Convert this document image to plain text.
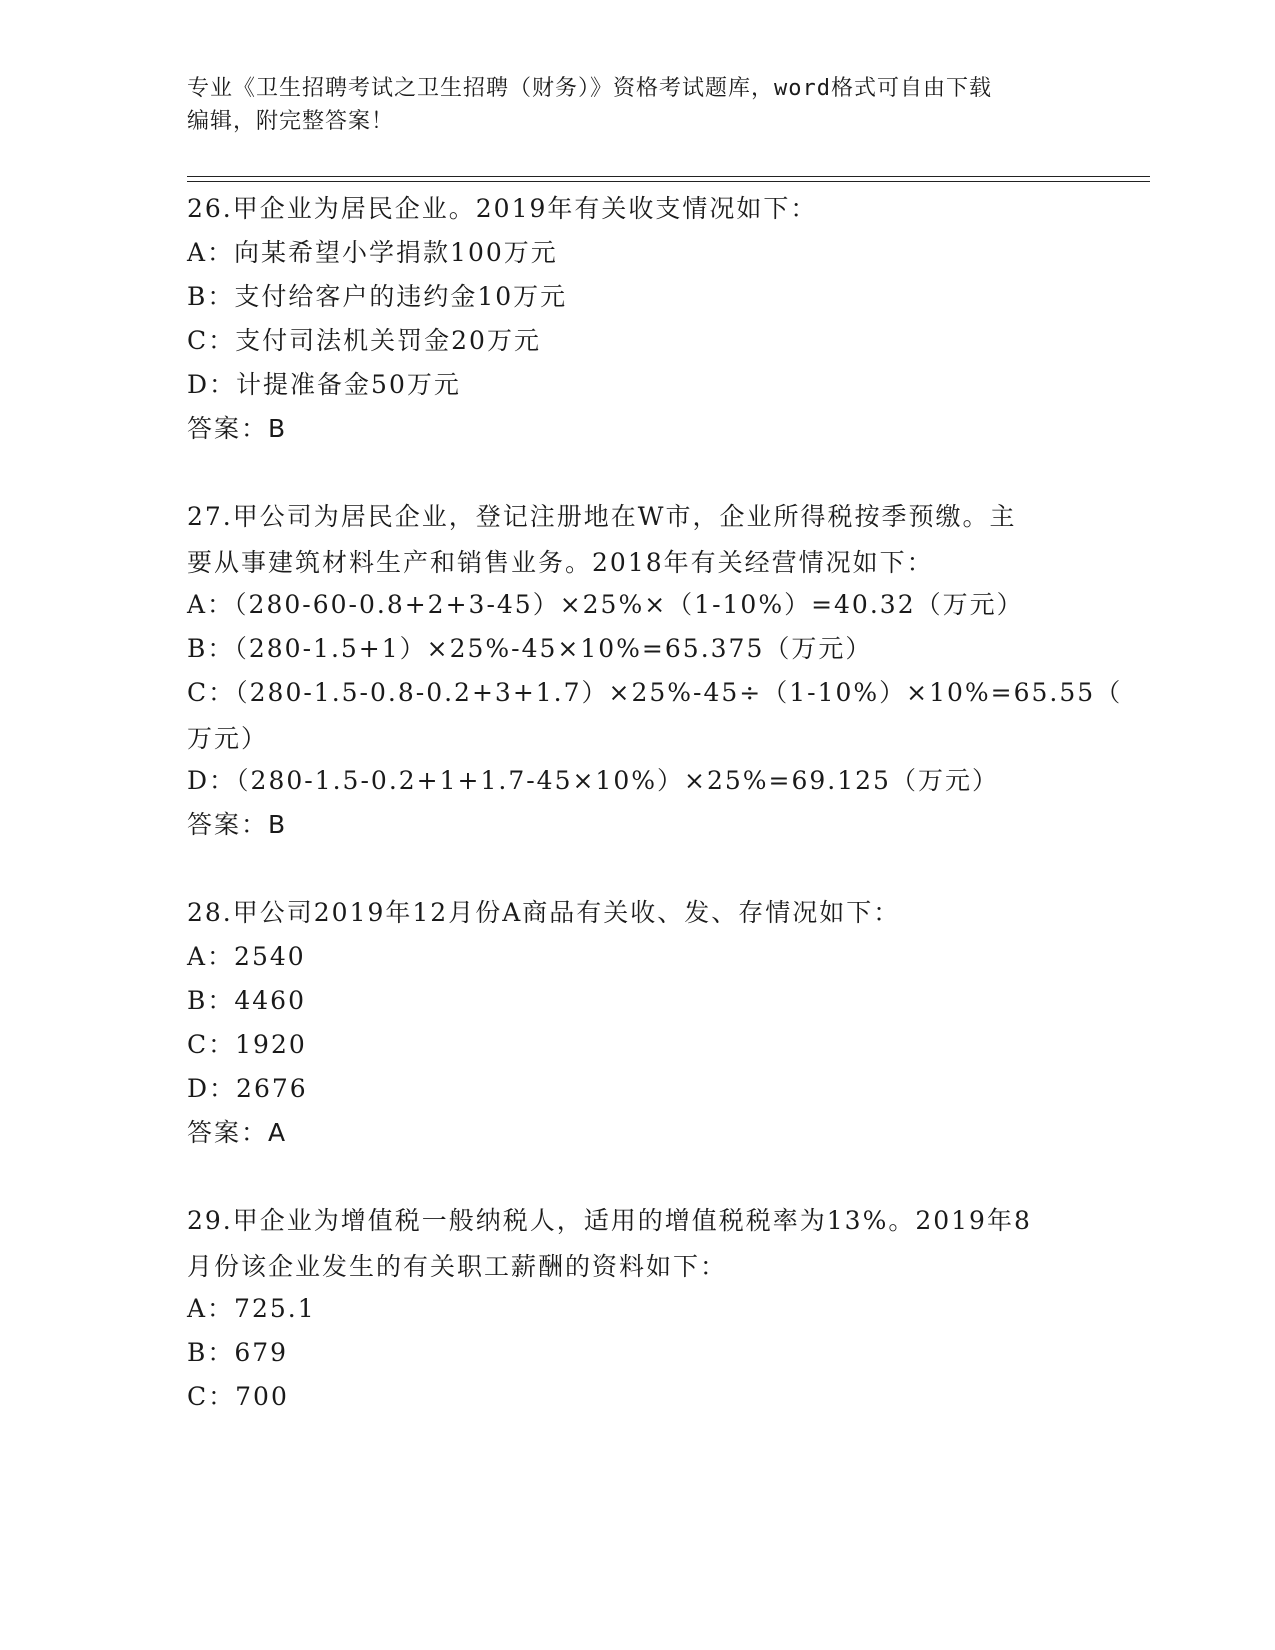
专业《卫生招聘考试之卫生招聘（财务）》资格考试题库，word格式可自由下载
编辑，附完整答案！
26.甲企业为居民企业。2019年有关收支情况如下：
A：向某希望小学捐款100万元
B：支付给客户的违约金10万元
C：支付司法机关罚金20万元
D：计提准备金50万元
答案：B
27.甲公司为居民企业，登记注册地在W市，企业所得税按季预缴。主
要从事建筑材料生产和销售业务。2018年有关经营情况如下：
A：（280-60-0.8+2+3-45）×25%×（1-10%）=40.32（万元）
B：（280-1.5+1）×25%-45×10%=65.375（万元）
C：（280-1.5-0.8-0.2+3+1.7）×25%-45÷（1-10%）×10%=65.55（
万元）
D：（280-1.5-0.2+1+1.7-45×10%）×25%=69.125（万元）
答案：B
28.甲公司2019年12月份A商品有关收、发、存情况如下：
A：2540
B：4460
C：1920
D：2676
答案：A
29.甲企业为增值税一般纳税人，适用的增值税税率为13%。2019年8
月份该企业发生的有关职工薪酬的资料如下：
A：725.1
B：679
C：700
